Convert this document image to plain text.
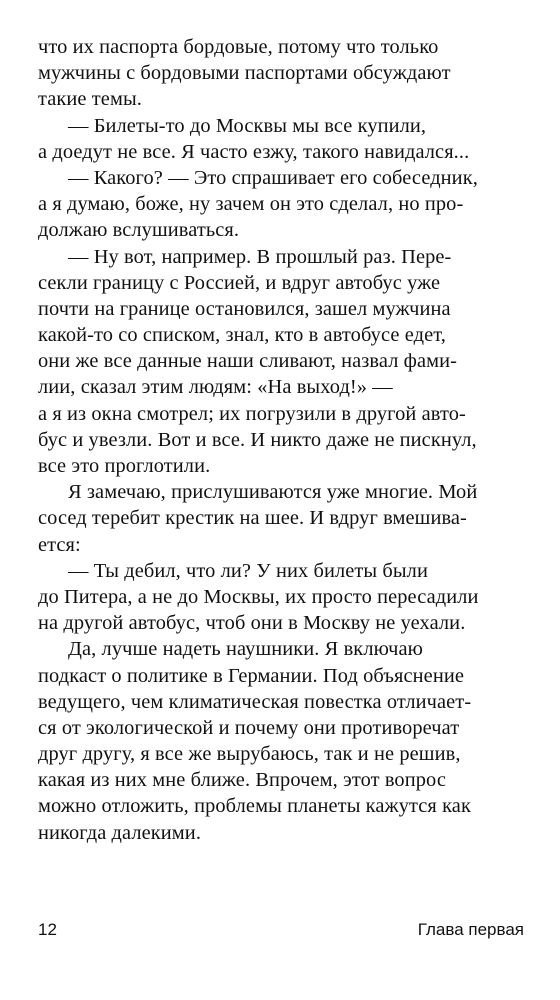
что их паспорта бордовые, потому что только
мужчины с бордовыми паспортами обсуждают
такие темы.
— Билеты-то до Москвы мы все купили,
а доедут не все. Я часто езжу, такого навидался...
— Какого? — Это спрашивает его собеседник,
а я думаю, боже, ну зачем он это сделал, но про-
должаю вслушиваться.
— Ну вот, например. В прошлый раз. Пере-
секли границу с Россией, и вдруг автобус уже
почти на границе остановился, зашел мужчина
какой-то со списком, знал, кто в автобусе едет,
они же все данные наши сливают, назвал фами-
лии, сказал этим людям: «На выход!» —
а я из окна смотрел; их погрузили в другой авто-
бус и увезли. Вот и все. И никто даже не пискнул,
все это проглотили.
Я замечаю, прислушиваются уже многие. Мой
сосед теребит крестик на шее. И вдруг вмешива-
ется:
— Ты дебил, что ли? У них билеты были
до Питера, а не до Москвы, их просто пересадили
на другой автобус, чтоб они в Москву не уехали.
Да, лучше надеть наушники. Я включаю
подкаст о политике в Германии. Под объяснение
ведущего, чем климатическая повестка отличает-
ся от экологической и почему они противоречат
друг другу, я все же вырубаюсь, так и не решив,
какая из них мне ближе. Впрочем, этот вопрос
можно отложить, проблемы планеты кажутся как
никогда далекими.
12	Глава первая
